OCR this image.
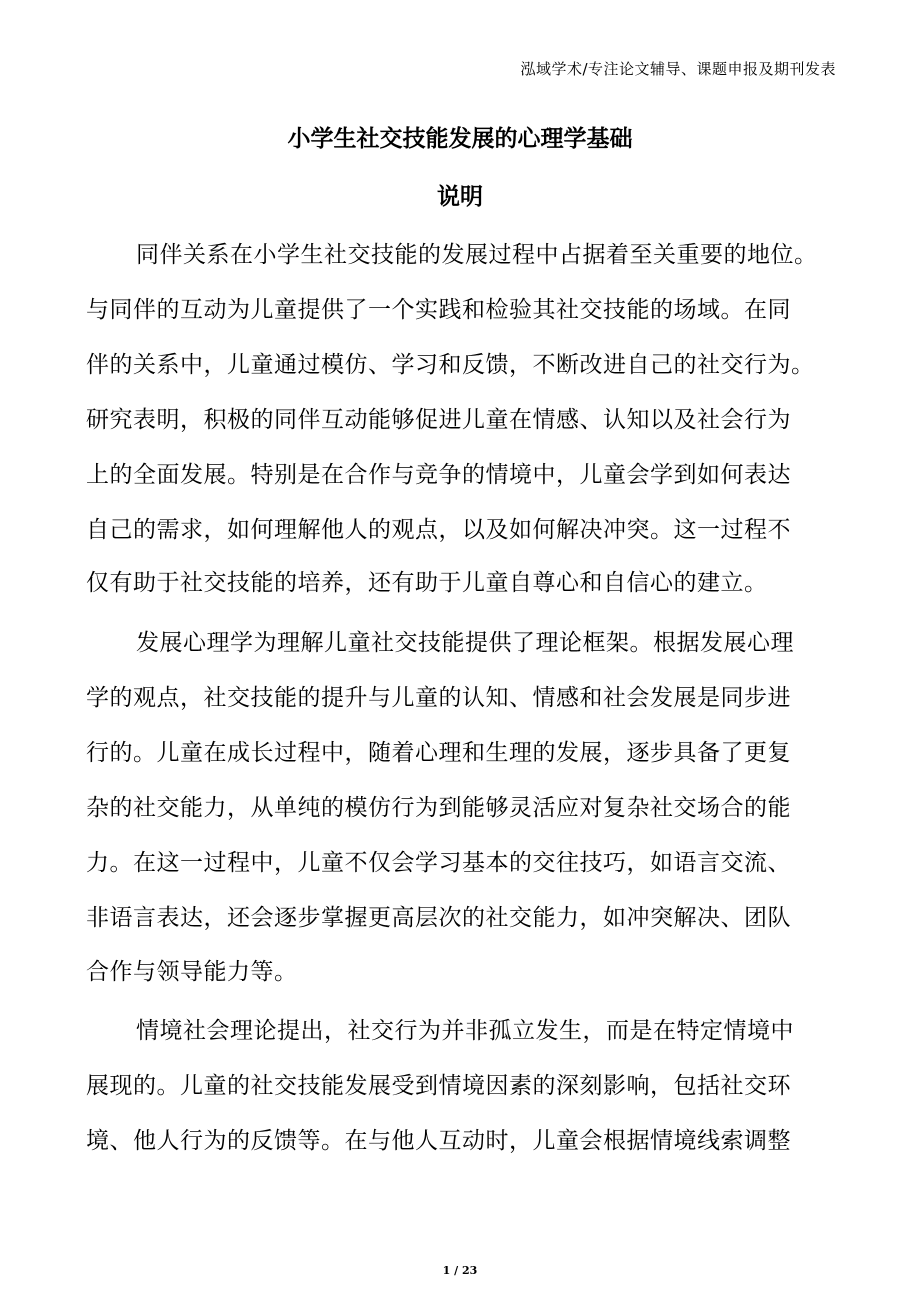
泓域学术/专注论文辅导、课题申报及期刊发表
小学生社交技能发展的心理学基础
说明
同伴关系在小学生社交技能的发展过程中占据着至关重要的地位。
与同伴的互动为儿童提供了一个实践和检验其社交技能的场域。在同
伴的关系中，儿童通过模仿、学习和反馈，不断改进自己的社交行为。
研究表明，积极的同伴互动能够促进儿童在情感、认知以及社会行为
上的全面发展。特别是在合作与竞争的情境中，儿童会学到如何表达
自己的需求，如何理解他人的观点，以及如何解决冲突。这一过程不
仅有助于社交技能的培养，还有助于儿童自尊心和自信心的建立。
发展心理学为理解儿童社交技能提供了理论框架。根据发展心理
学的观点，社交技能的提升与儿童的认知、情感和社会发展是同步进
行的。儿童在成长过程中，随着心理和生理的发展，逐步具备了更复
杂的社交能力，从单纯的模仿行为到能够灵活应对复杂社交场合的能
力。在这一过程中，儿童不仅会学习基本的交往技巧，如语言交流、
非语言表达，还会逐步掌握更高层次的社交能力，如冲突解决、团队
合作与领导能力等。
情境社会理论提出，社交行为并非孤立发生，而是在特定情境中
展现的。儿童的社交技能发展受到情境因素的深刻影响，包括社交环
境、他人行为的反馈等。在与他人互动时，儿童会根据情境线索调整
1 / 23
